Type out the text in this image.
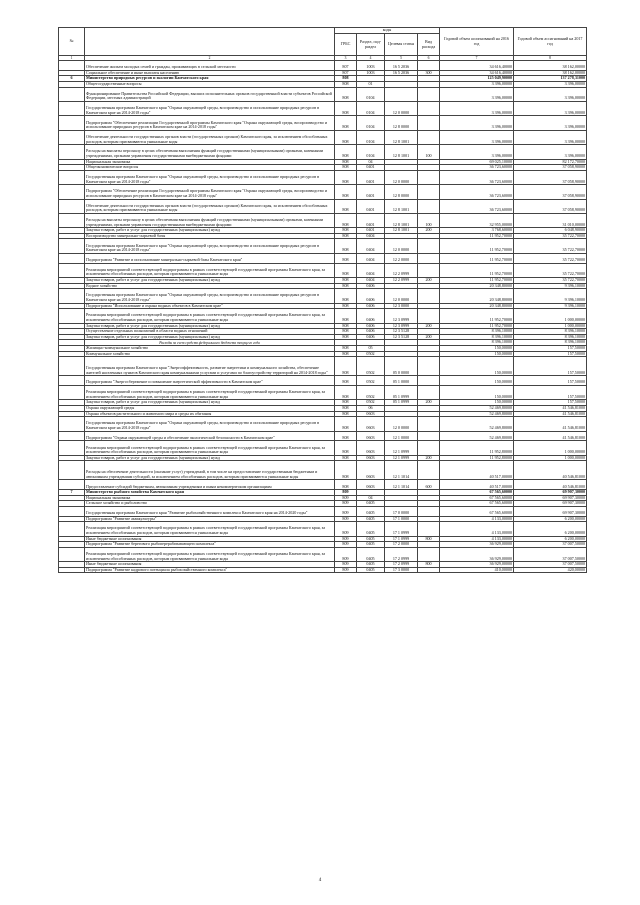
№		коды				Годовой объем ассигнований на 2016 год	Годовой объем ассигнований на 2017 год
		ГРБС	Раздел, под-раздел	Целевая статья	Вид расхода		
1	2	3	4	5	6	7	8
	Обеспечение жильем молодых семей и граждан, проживающих в сельской местности	807	1003	16 5 2036		34 616,40000	38 162,00000
	Социальное обеспечение и иные выплаты населению	807	1003	16 5 2036	300	34 616,40000	38 162,00000
6	Министерство природных ресурсов и экологии Камчатского края	808				125 049,90000	137 278,31000
	Общегосударственные вопросы	808	01			3 396,00000	3 396,00000
	Функционирование Правительства Российской Федерации, высших исполнительных органов государственной власти субъектов Российской Федерации, местных администраций	808	0104			3 396,00000	3 396,00000
	Государственная программа Камчатского края "Охрана окружающей среды, воспроизводство и использование природных ресурсов в Камчатском крае на 2014-2018 годы"	808	0104	12 0 0000		3 396,00000	3 396,00000
	Подпрограмма "Обеспечение реализации Государственной программы Камчатского края "Охрана окружающей среды, воспроизводство и использование природных ресурсов в Камчатском крае на 2014-2018 годы"	808	0104	12 8 0000		3 396,00000	3 396,00000
	Обеспечение деятельности государственных органов власти (государственных органов) Камчатского края, за исключением обособленных расходов, которым присваиваются уникальные коды	808	0104	12 8 1001		3 396,00000	3 396,00000
	Расходы на выплаты персоналу в целях обеспечения выполнения функций государственными (муниципальными) органами, казенными учреждениями, органами управления государственными внебюджетными фондами	808	0104	12 8 1001	100	3 396,00000	3 396,00000
	Национальная экономика	808	04			69 025,10000	82 172,70000
	Общеэкономические вопросы	808	0401			36 723,60000	37 058,90000
	Государственная программа Камчатского края "Охрана окружающей среды, воспроизводство и использование природных ресурсов в Камчатском крае на 2014-2018 годы"	808	0401	12 0 0000		36 723,60000	37 058,90000
	Подпрограмма "Обеспечение реализации Государственной программы Камчатского края "Охрана окружающей среды, воспроизводство и использование природных ресурсов в Камчатском крае на 2014-2018 годы"	808	0401	12 8 0000		36 723,60000	37 058,90000
	Обеспечение деятельности государственных органов власти (государственных органов) Камчатского края, за исключением обособленных расходов, которым присваиваются уникальные коды	808	0401	12 8 1001		36 723,60000	37 058,90000
	Расходы на выплаты персоналу в целях обеспечения выполнения функций государственными (муниципальными) органами, казенными учреждениями, органами управления государственными внебюджетными фондами	808	0401	12 8 1001	100	32 955,00000	31 010,00000
	Закупка товаров, работ и услуг для государственных (муниципальных) нужд	808	0401	12 8 1001	200	3 768,60000	6 048,90000
	Воспроизводство минерально-сырьевой базы	808	0404			11 952,70000	35 722,70000
	Государственная программа Камчатского края "Охрана окружающей среды, воспроизводство и использование природных ресурсов в Камчатском крае на 2014-2018 годы"	808	0404	12 0 0000		11 952,70000	35 722,70000
	Подпрограмма "Развитие и использование минерально-сырьевой базы Камчатского края"	808	0404	12 2 0000		11 952,70000	35 722,70000
	Реализация мероприятий соответствующей подпрограммы в рамках соответствующей государственной программы Камчатского края, за исключением обособленных расходов, которым присваиваются уникальные коды	808	0404	12 2 0999		11 952,70000	35 722,70000
	Закупка товаров, работ и услуг для государственных (муниципальных) нужд	808	0404	12 2 0999	200	11 952,70000	35 722,70000
	Водное хозяйство	808	0406			20 348,80000	9 396,10000
	Государственная программа Камчатского края "Охрана окружающей среды, воспроизводство и использование природных ресурсов в Камчатском крае на 2014-2018 годы"	808	0406	12 0 0000		20 348,80000	9 396,10000
	Подпрограмма "Использование и охрана водных объектов в Камчатском крае"	808	0406	12 3 0000		20 348,80000	9 396,10000
	Реализация мероприятий соответствующей подпрограммы в рамках соответствующей государственной программы Камчатского края, за исключением обособленных расходов, которым присваиваются уникальные коды	808	0406	12 3 0999		11 952,70000	1 000,00000
	Закупка товаров, работ и услуг для государственных (муниципальных) нужд	808	0406	12 3 0999	200	11 952,70000	1 000,00000
	Осуществление отдельных полномочий в области водных отношений	808	0406	12 3 5128		8 396,10000	8 396,10000
	Закупка товаров, работ и услуг для государственных (муниципальных) нужд	808	0406	12 3 5128	200	8 396,10000	8 396,10000
	Расходы за счет средств федерального бюджета текущего года					8 396,10000	8 396,10000
	Жилищно-коммунальное хозяйство	808	05			150,00000	157,50000
	Коммунальное хозяйство	808	0502			150,00000	157,50000
	Государственная программа Камчатского края "Энергоэффективность, развитие энергетики и коммунального хозяйства, обеспечение жителей населенных пунктов Камчатского края коммунальными услугами и услугами по благоустройству территорий на 2014-2018 годы"	808	0502	05 0 0000		150,00000	157,50000
	Подпрограмма "Энергосбережение и повышение энергетической эффективности в Камчатском крае"	808	0502	05 1 0000		150,00000	157,50000
	Реализация мероприятий соответствующей подпрограммы в рамках соответствующей государственной программы Камчатского края, за исключением обособленных расходов, которым присваиваются уникальные коды	808	0502	05 1 0999		150,00000	157,50000
	Закупка товаров, работ и услуг для государственных (муниципальных) нужд	808	0502	05 1 0999	200	150,00000	157,50000
	Охрана окружающей среды	808	06			52 469,80000	41 546,81000
	Охрана объектов растительного и животного мира и среды их обитания	808	0603			52 469,80000	41 546,81000
	Государственная программа Камчатского края "Охрана окружающей среды, воспроизводство и использование природных ресурсов в Камчатском крае на 2014-2018 годы"	808	0603	12 0 0000		52 469,80000	41 546,81000
	Подпрограмма "Охрана окружающей среды и обеспечение экологической безопасности в Камчатском крае"	808	0603	12 1 0000		52 469,80000	41 546,81000
	Реализация мероприятий соответствующей подпрограммы в рамках соответствующей государственной программы Камчатского края, за исключением обособленных расходов, которым присваиваются уникальные коды	808	0603	12 1 0999		11 952,80000	1 000,00000
	Закупка товаров, работ и услуг для государственных (муниципальных) нужд	808	0603	12 1 0999	200	11 952,80000	1 000,00000
	Расходы на обеспечение деятельности (оказание услуг) учреждений, в том числе на предоставление государственным бюджетным и автономным учреждениям субсидий, за исключением обособленных расходов, которым присваиваются уникальные коды	808	0603	12 1 1014		40 517,00000	40 546,81000
	Предоставление субсидий бюджетным, автономным учреждениям и иным некоммерческим организациям	808	0603	12 1 1014	600	40 517,00000	40 546,81000
7	Министерство рыбного хозяйства Камчатского края	809				67 565,60000	69 907,30000
	Национальная экономика	809	04			67 565,60000	69 907,30000
	Сельское хозяйство и рыболовство	809	0405			67 565,60000	69 907,30000
	Государственная программа Камчатского края "Развитие рыбохозяйственного комплекса Камчатского края на 2014-2020 годы"	809	0405	17 0 0000		67 565,60000	69 907,30000
	Подпрограмма "Развитие аквакультуры"	809	0405	17 1 0000		4 133,00000	6 200,00000
	Реализация мероприятий соответствующей подпрограммы в рамках соответствующей государственной программы Камчатского края, за исключением обособленных расходов, которым присваиваются уникальные коды	809	0405	17 1 0999		4 133,00000	6 200,00000
	Иные бюджетные ассигнования	809	0405	17 1 0999	800	4 133,00000	6 200,00000
	Подпрограмма "Развитие берегового рыбоперерабатывающего комплекса"	809	0405	17 2 0000		36 929,00000	37 007,50000
	Реализация мероприятий соответствующей подпрограммы в рамках соответствующей государственной программы Камчатского края, за исключением обособленных расходов, которым присваиваются уникальные коды	809	0405	17 2 0999		36 929,00000	37 007,50000
	Иные бюджетные ассигнования	809	0405	17 2 0999	800	36 929,00000	37 007,50000
	Подпрограмма "Развитие кадрового потенциала рыбохозяйственного комплекса"	809	0405	17 3 0000		410,00000	420,00000
4
